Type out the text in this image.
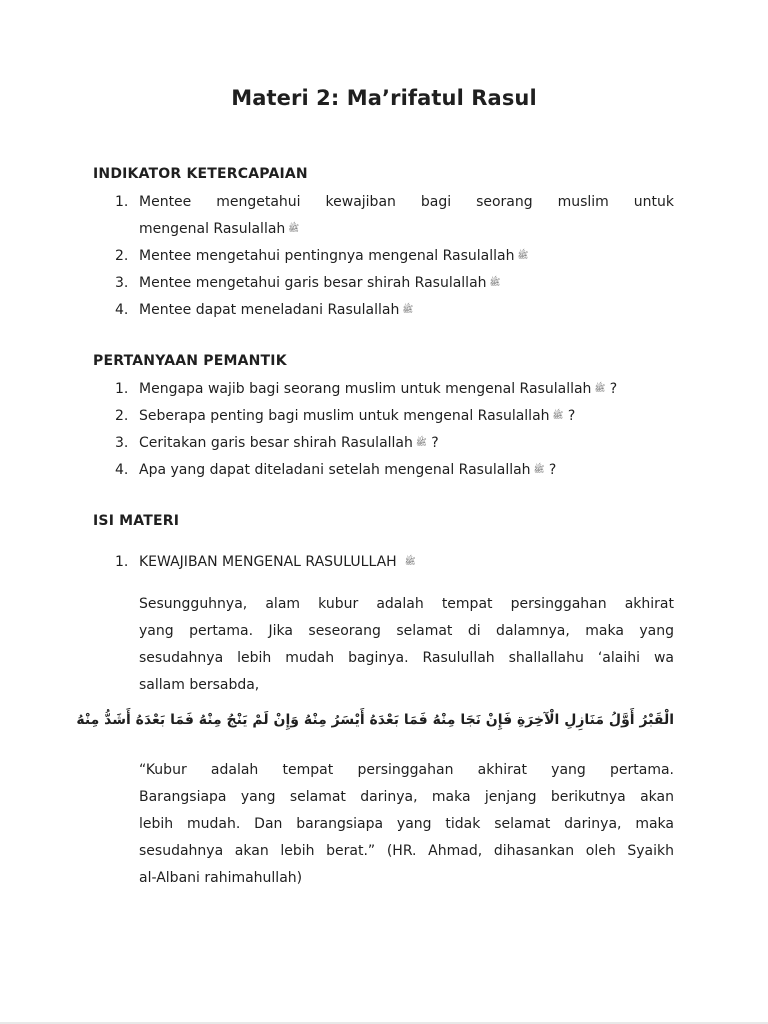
Materi 2: Ma’rifatul Rasul
INDIKATOR KETERCAPAIAN
1. Mentee mengetahui kewajiban bagi seorang muslim untuk
mengenal Rasulallah ﷺ
2. Mentee mengetahui pentingnya mengenal Rasulallah ﷺ
3. Mentee mengetahui garis besar shirah Rasulallah ﷺ
4. Mentee dapat meneladani Rasulallah ﷺ
PERTANYAAN PEMANTIK
1. Mengapa wajib bagi seorang muslim untuk mengenal Rasulallah ﷺ ?
2. Seberapa penting bagi muslim untuk mengenal Rasulallah ﷺ ?
3. Ceritakan garis besar shirah Rasulallah ﷺ ?
4. Apa yang dapat diteladani setelah mengenal Rasulallah ﷺ ?
ISI MATERI
1. KEWAJIBAN MENGENAL RASULULLAH ﷺ
Sesungguhnya, alam kubur adalah tempat persinggahan akhirat
yang pertama. Jika seseorang selamat di dalamnya, maka yang
sesudahnya lebih mudah baginya. Rasulullah shallallahu ‘alaihi wa
sallam bersabda,
الْقَبْرُ أَوَّلُ مَنَازِلِ الْآخِرَةِ فَإِنْ نَجَا مِنْهُ فَمَا بَعْدَهُ أَيْسَرُ مِنْهُ وَإِنْ لَمْ يَنْجُ مِنْهُ فَمَا بَعْدَهُ أَشَدُّ مِنْهُ
“Kubur adalah tempat persinggahan akhirat yang pertama.
Barangsiapa yang selamat darinya, maka jenjang berikutnya akan
lebih mudah. Dan barangsiapa yang tidak selamat darinya, maka
sesudahnya akan lebih berat.” (HR. Ahmad, dihasankan oleh Syaikh
al-Albani rahimahullah)
